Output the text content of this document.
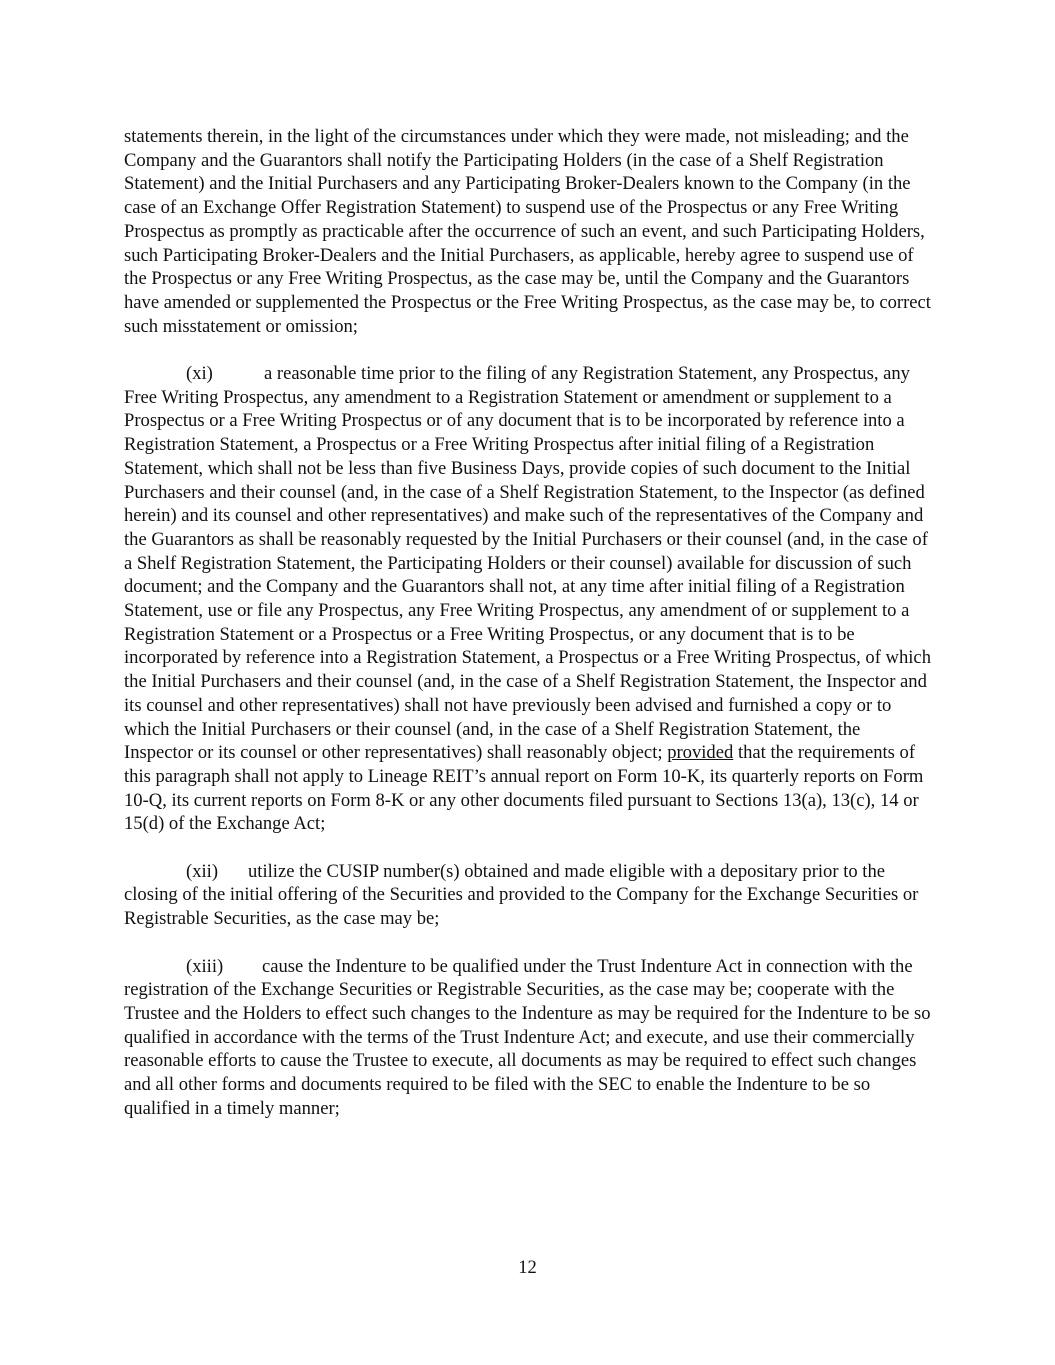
statements therein, in the light of the circumstances under which they were made, not misleading; and the Company and the Guarantors shall notify the Participating Holders (in the case of a Shelf Registration Statement) and the Initial Purchasers and any Participating Broker-Dealers known to the Company (in the case of an Exchange Offer Registration Statement) to suspend use of the Prospectus or any Free Writing Prospectus as promptly as practicable after the occurrence of such an event, and such Participating Holders, such Participating Broker-Dealers and the Initial Purchasers, as applicable, hereby agree to suspend use of the Prospectus or any Free Writing Prospectus, as the case may be, until the Company and the Guarantors have amended or supplemented the Prospectus or the Free Writing Prospectus, as the case may be, to correct such misstatement or omission;

(xi)	a reasonable time prior to the filing of any Registration Statement, any Prospectus, any Free Writing Prospectus, any amendment to a Registration Statement or amendment or supplement to a Prospectus or a Free Writing Prospectus or of any document that is to be incorporated by reference into a Registration Statement, a Prospectus or a Free Writing Prospectus after initial filing of a Registration Statement, which shall not be less than five Business Days, provide copies of such document to the Initial Purchasers and their counsel (and, in the case of a Shelf Registration Statement, to the Inspector (as defined herein) and its counsel and other representatives) and make such of the representatives of the Company and the Guarantors as shall be reasonably requested by the Initial Purchasers or their counsel (and, in the case of a Shelf Registration Statement, the Participating Holders or their counsel) available for discussion of such document; and the Company and the Guarantors shall not, at any time after initial filing of a Registration Statement, use or file any Prospectus, any Free Writing Prospectus, any amendment of or supplement to a Registration Statement or a Prospectus or a Free Writing Prospectus, or any document that is to be incorporated by reference into a Registration Statement, a Prospectus or a Free Writing Prospectus, of which the Initial Purchasers and their counsel (and, in the case of a Shelf Registration Statement, the Inspector and its counsel and other representatives) shall not have previously been advised and furnished a copy or to which the Initial Purchasers or their counsel (and, in the case of a Shelf Registration Statement, the Inspector or its counsel or other representatives) shall reasonably object; provided that the requirements of this paragraph shall not apply to Lineage REIT’s annual report on Form 10-K, its quarterly reports on Form 10-Q, its current reports on Form 8-K or any other documents filed pursuant to Sections 13(a), 13(c), 14 or 15(d) of the Exchange Act;

(xii) utilize the CUSIP number(s) obtained and made eligible with a depositary prior to the closing of the initial offering of the Securities and provided to the Company for the Exchange Securities or Registrable Securities, as the case may be;

(xiii) cause the Indenture to be qualified under the Trust Indenture Act in connection with the registration of the Exchange Securities or Registrable Securities, as the case may be; cooperate with the Trustee and the Holders to effect such changes to the Indenture as may be required for the Indenture to be so qualified in accordance with the terms of the Trust Indenture Act; and execute, and use their commercially reasonable efforts to cause the Trustee to execute, all documents as may be required to effect such changes and all other forms and documents required to be filed with the SEC to enable the Indenture to be so qualified in a timely manner;

12
